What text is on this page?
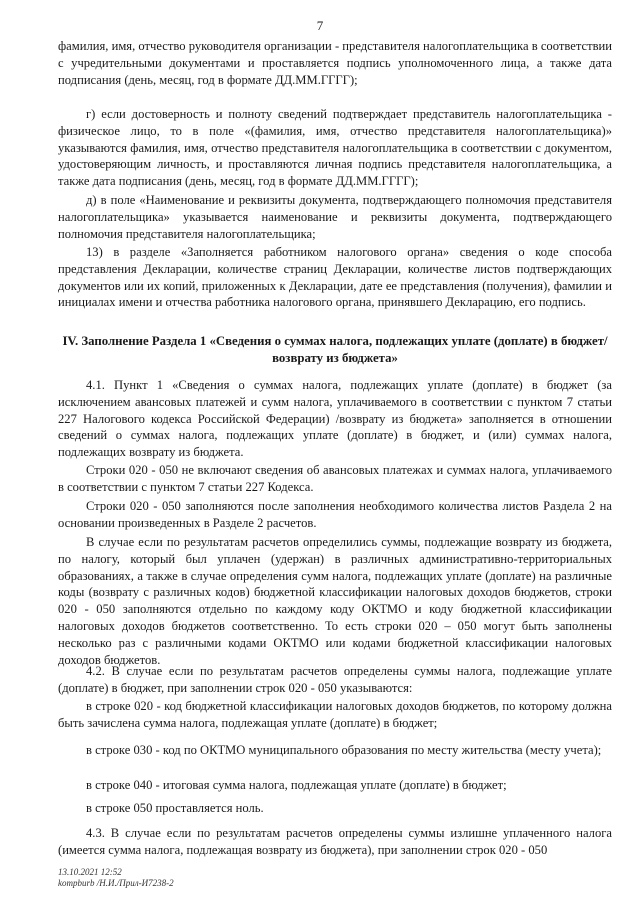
7

фамилия, имя, отчество руководителя организации - представителя налогоплательщика в соответствии с учредительными документами и проставляется подпись уполномоченного лица, а также дата подписания (день, месяц, год в формате ДД.ММ.ГГГГ);

г) если достоверность и полноту сведений подтверждает представитель налогоплательщика - физическое лицо, то в поле «(фамилия, имя, отчество представителя налогоплательщика)» указываются фамилия, имя, отчество представителя налогоплательщика в соответствии с документом, удостоверяющим личность, и проставляются личная подпись представителя налогоплательщика, а также дата подписания (день, месяц, год в формате ДД.ММ.ГГГГ);

д) в поле «Наименование и реквизиты документа, подтверждающего полномочия представителя налогоплательщика» указывается наименование и реквизиты документа, подтверждающего полномочия представителя налогоплательщика;

13) в разделе «Заполняется работником налогового органа» сведения о коде способа представления Декларации, количестве страниц Декларации, количестве листов подтверждающих документов или их копий, приложенных к Декларации, дате ее представления (получения), фамилии и инициалах имени и отчества работника налогового органа, принявшего Декларацию, его подпись.

IV. Заполнение Раздела 1 «Сведения о суммах налога, подлежащих уплате (доплате) в бюджет/возврату из бюджета»

4.1. Пункт 1 «Сведения о суммах налога, подлежащих уплате (доплате) в бюджет (за исключением авансовых платежей и сумм налога, уплачиваемого в соответствии с пунктом 7 статьи 227 Налогового кодекса Российской Федерации) /возврату из бюджета» заполняется в отношении сведений о суммах налога, подлежащих уплате (доплате) в бюджет, и (или) суммах налога, подлежащих возврату из бюджета.

Строки 020 - 050 не включают сведения об авансовых платежах и суммах налога, уплачиваемого в соответствии с пунктом 7 статьи 227 Кодекса.

Строки 020 - 050 заполняются после заполнения необходимого количества листов Раздела 2 на основании произведенных в Разделе 2 расчетов.

В случае если по результатам расчетов определились суммы, подлежащие возврату из бюджета, по налогу, который был уплачен (удержан) в различных административно-территориальных образованиях, а также в случае определения сумм налога, подлежащих уплате (доплате) на различные коды (возврату с различных кодов) бюджетной классификации налоговых доходов бюджетов, строки 020 - 050 заполняются отдельно по каждому коду ОКТМО и коду бюджетной классификации налоговых доходов бюджетов соответственно. То есть строки 020 – 050 могут быть заполнены несколько раз с различными кодами ОКТМО или кодами бюджетной классификации налоговых доходов бюджетов.

4.2. В случае если по результатам расчетов определены суммы налога, подлежащие уплате (доплате) в бюджет, при заполнении строк 020 - 050 указываются:

в строке 020 - код бюджетной классификации налоговых доходов бюджетов, по которому должна быть зачислена сумма налога, подлежащая уплате (доплате) в бюджет;

в строке 030 - код по ОКТМО муниципального образования по месту жительства (месту учета);

в строке 040 - итоговая сумма налога, подлежащая уплате (доплате) в бюджет;

в строке 050 проставляется ноль.

4.3. В случае если по результатам расчетов определены суммы излишне уплаченного налога (имеется сумма налога, подлежащая возврату из бюджета), при заполнении строк 020 - 050

13.10.2021 12:52
kompburb /Н.И./Прил-И7238-2
